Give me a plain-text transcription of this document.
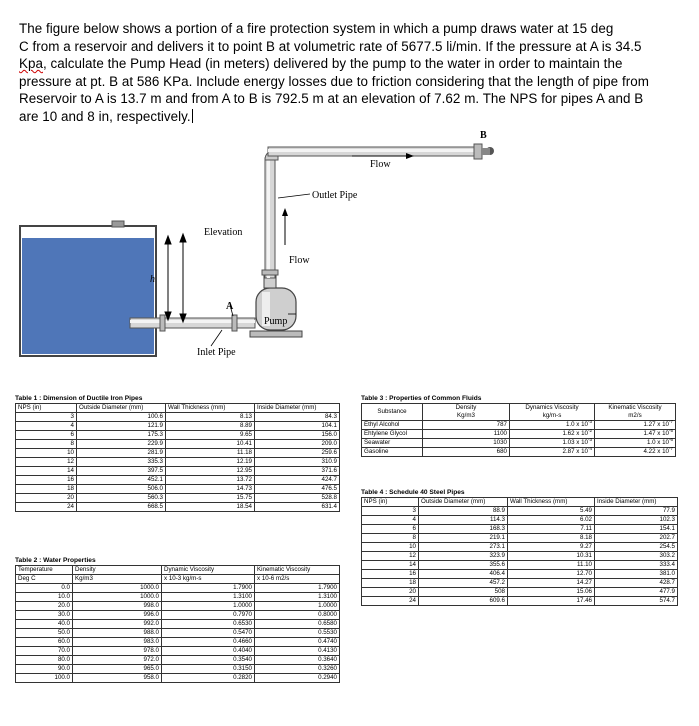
The figure below shows a portion of a fire protection system in which a pump draws water at 15 deg
C from a reservoir and delivers it to point B at volumetric rate of 5677.5 li/min. If the pressure at A is 34.5
Kpa, calculate the Pump Head (in meters) delivered by the pump to the water in order to maintain the
pressure at pt. B at 586 KPa. Include energy losses due to friction considering that the length of pipe from
Reservoir to A is 13.7 m and from A to B is 792.5 m at an elevation of 7.62 m. The NPS for pipes A and B
are 10 and 8 in, respectively.
B
Flow
Outlet Pipe
Elevation
Flow
h
Pump
A
Inlet Pipe
Table 1 : Dimension of Ductile Iron Pipes
NPS (in)	Outside Diameter (mm)	Wall Thickness (mm)	Inside Diameter (mm)
3	100.6	8.13	84.3
4	121.9	8.89	104.1
6	175.3	9.65	156.0
8	229.9	10.41	209.0
10	281.9	11.18	259.6
12	335.3	12.19	310.9
14	397.5	12.95	371.6
16	452.1	13.72	424.7
18	506.0	14.73	476.5
20	560.3	15.75	528.8
24	668.5	18.54	631.4
Table 2 : Water Properties
Temperature	Density	Dynamic Viscosity	Kinematic Viscosity
Deg C	Kg/m3	x 10-3 kg/m-s	x 10-6 m2/s
0.0	1000.0	1.7900	1.7900
10.0	1000.0	1.3100	1.3100
20.0	998.0	1.0000	1.0000
30.0	996.0	0.7970	0.8000
40.0	992.0	0.6530	0.6580
50.0	988.0	0.5470	0.5530
60.0	983.0	0.4660	0.4740
70.0	978.0	0.4040	0.4130
80.0	972.0	0.3540	0.3640
90.0	965.0	0.3150	0.3260
100.0	958.0	0.2820	0.2940
Table 3 : Properties of Common Fluids
Substance	Density	Dynamics Viscosity	Kinematic Viscosity
	Kg/m3	kg/m-s	m2/s
Ethyl Alcohol	787	1.0 x $10^{-3}$	1.27 x $10^{-7}$
Ehtylene Glycol	1100	1.62 x $10^{-2}$	1.47 x $10^{-5}$
Seawater	1030	1.03 x $10^{-3}$	1.0 x $10^{-6}$
Gasoline	680	2.87 x $10^{-4}$	4.22 x $10^{-7}$
Table 4 : Schedule 40 Steel Pipes
NPS (in)	Outside Diameter (mm)	Wall Thickness (mm)	Inside Diameter (mm)
3	88.9	5.49	77.9
4	114.3	6.02	102.3
6	168.3	7.11	154.1
8	219.1	8.18	202.7
10	273.1	9.27	254.5
12	323.9	10.31	303.2
14	355.6	11.10	333.4
16	406.4	12.70	381.0
18	457.2	14.27	428.7
20	508	15.06	477.9
24	609.6	17.46	574.7
